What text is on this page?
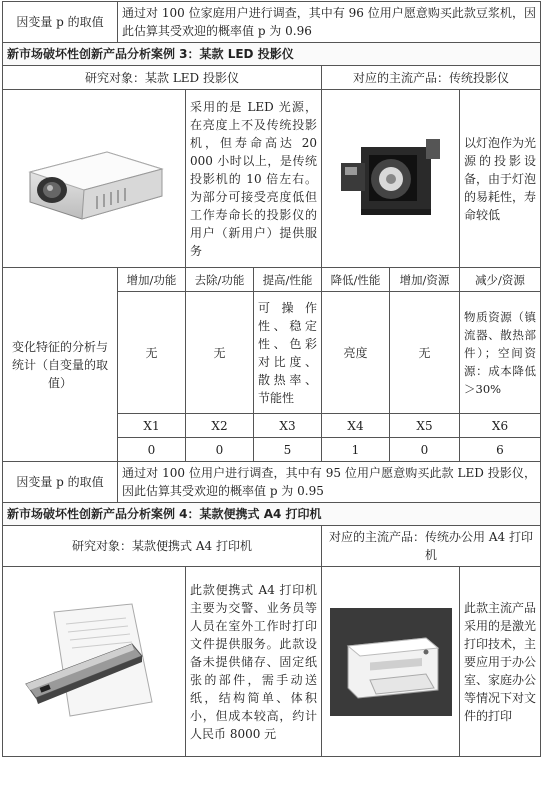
因变量 p 的取值	通过对 100 位家庭用户进行调查，其中有 96 位用户愿意购买此款豆浆机，因此估算其受欢迎的概率值 p 为 0.96					
新市场破坏性创新产品分析案例 3：某款 LED 投影仪						
研究对象：某款 LED 投影仪				对应的主流产品：传统投影仪		

	采用的是 LED 光源，在亮度上不及传统投影机，但寿命高达 20 000 小时以上，是传统投影机的 10 倍左右。为部分可接受亮度低但工作寿命长的投影仪的用户（新用户）提供服务				以灯泡作为光源的投影设备，由于灯泡的易耗性，寿命较低
变化特征的分析与统计（自变量的取值）	增加/功能	去除/功能	提高/性能	降低/性能	增加/资源	减少/资源
	无	无	可操作性、稳定性、色彩对比度、散热率、节能性	亮度	无	物质资源（镇流器、散热部件）；空间资源：成本降低＞30%
	X1	X2	X3	X4	X5	X6
	0	0	5	1	0	6
因变量 p 的取值	通过对 100 位用户进行调查，其中有 95 位用户愿意购买此款 LED 投影仪，因此估算其受欢迎的概率值 p 为 0.95					
新市场破坏性创新产品分析案例 4：某款便携式 A4 打印机						
研究对象：某款便携式 A4 打印机				对应的主流产品：传统办公用 A4 打印机		

	此款便携式 A4 打印机主要为交警、业务员等人员在室外工作时打印文件提供服务。此款设备未提供储存、固定纸张的部件，需手动送纸，结构简单、体积小，但成本较高，约计人民币 8000 元				此款主流产品采用的是激光打印技术，主要应用于办公室、家庭办公等情况下对文件的打印
